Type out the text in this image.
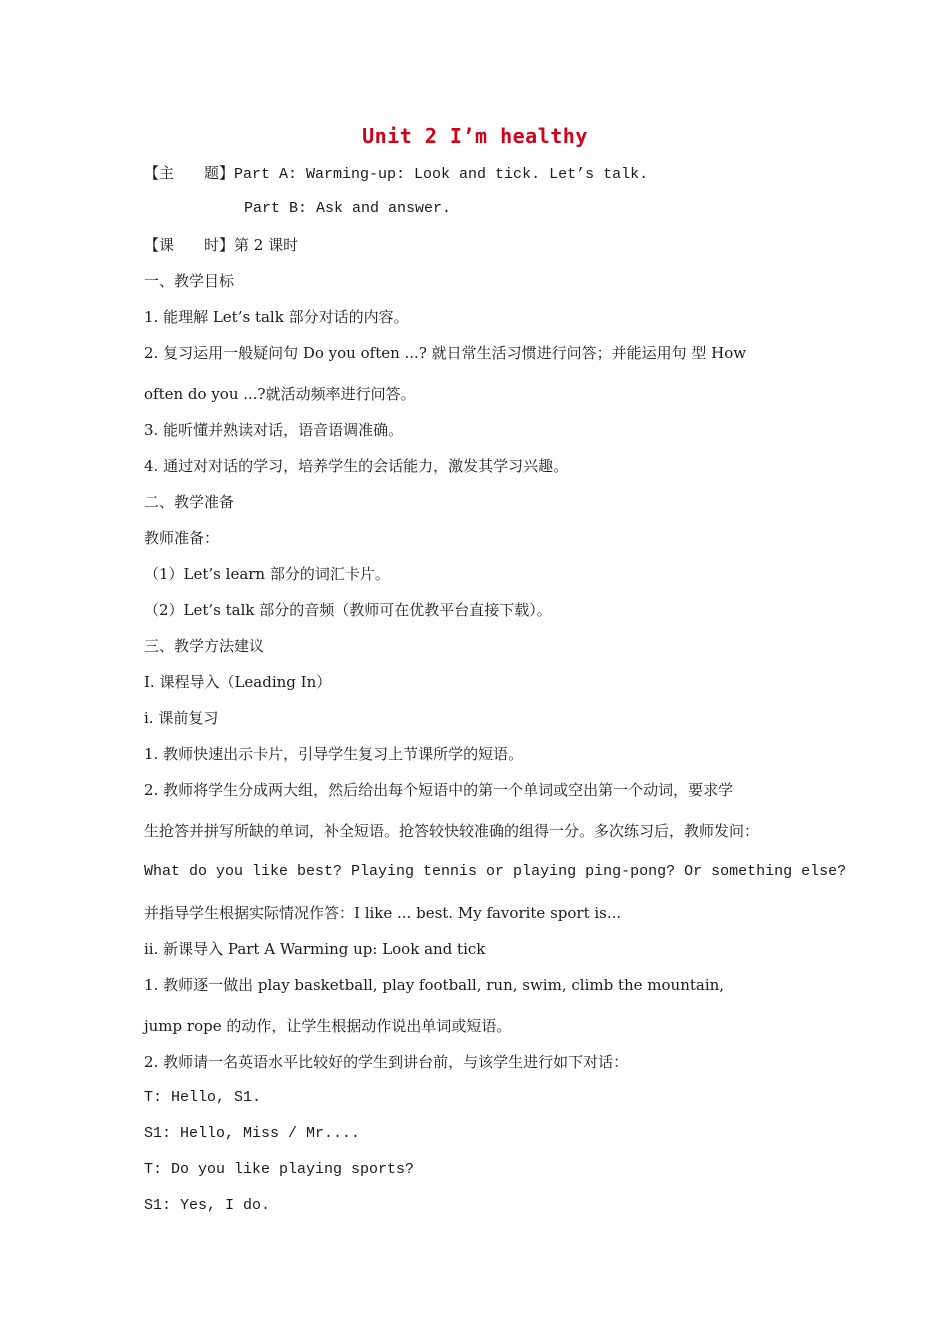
Unit 2 I’m healthy
【主　　题】Part A: Warming-up: Look and tick. Let’s talk.
Part B: Ask and answer.
【课　　时】第 2 课时
一、教学目标
1. 能理解 Let’s talk 部分对话的内容。
2. 复习运用一般疑问句 Do you often ...? 就日常生活习惯进行问答；并能运用句 型 How
often do you ...?就活动频率进行问答。
3. 能听懂并熟读对话，语音语调准确。
4. 通过对对话的学习，培养学生的会话能力，激发其学习兴趣。
二、教学准备
教师准备：
（1）Let’s learn 部分的词汇卡片。
（2）Let’s talk 部分的音频（教师可在优教平台直接下载）。
三、教学方法建议
I. 课程导入（Leading In）
i. 课前复习
1. 教师快速出示卡片，引导学生复习上节课所学的短语。
2. 教师将学生分成两大组，然后给出每个短语中的第一个单词或空出第一个动词，要求学
生抢答并拼写所缺的单词，补全短语。抢答较快较准确的组得一分。多次练习后，教师发问：
What do you like best? Playing tennis or playing ping-pong? Or something else?
并指导学生根据实际情况作答：I like ... best. My favorite sport is...
ii. 新课导入 Part A Warming up: Look and tick
1. 教师逐一做出 play basketball, play football, run, swim, climb the mountain,
jump rope 的动作，让学生根据动作说出单词或短语。
2. 教师请一名英语水平比较好的学生到讲台前，与该学生进行如下对话：
T: Hello, S1.
S1: Hello, Miss / Mr....
T: Do you like playing sports?
S1: Yes, I do.
